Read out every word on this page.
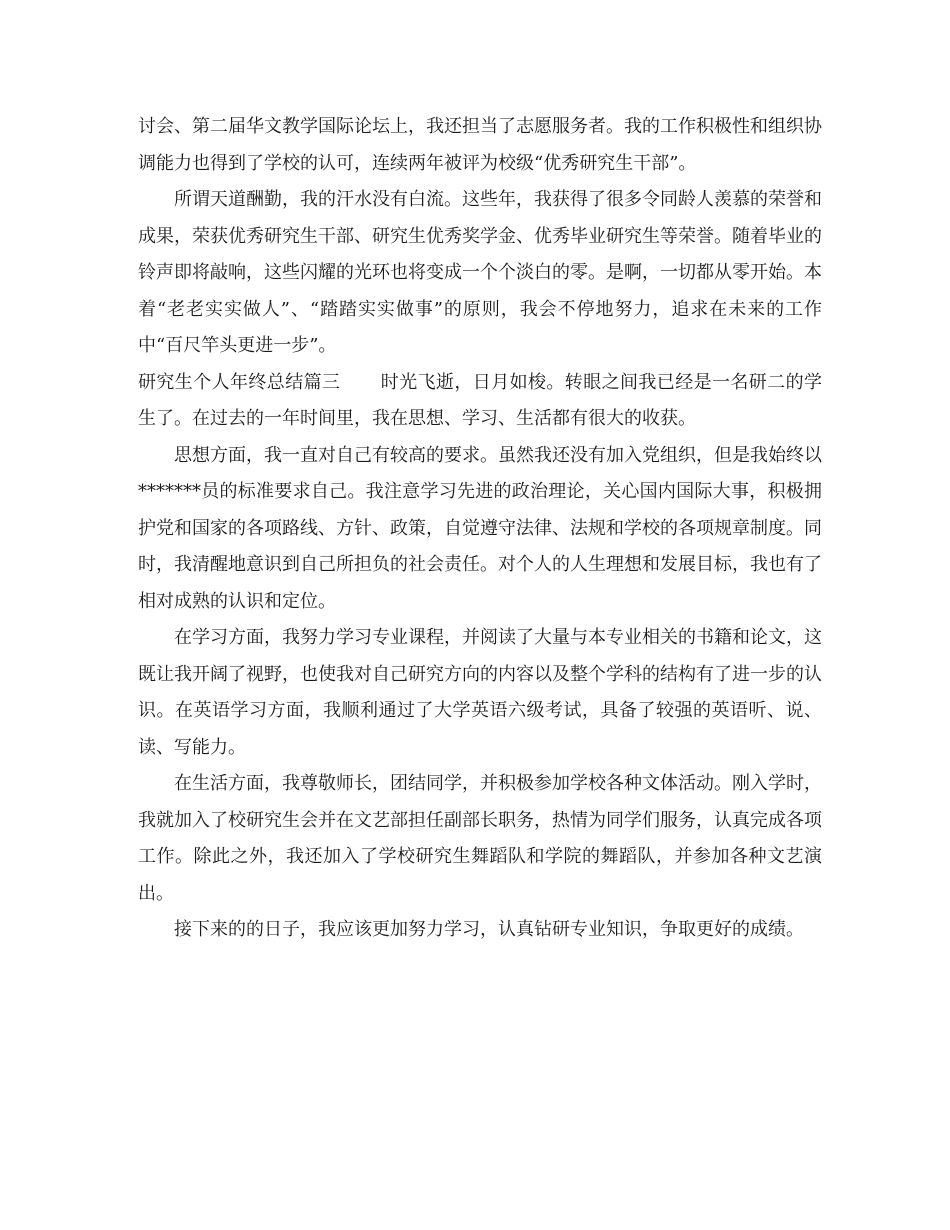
讨会、第二届华文教学国际论坛上，我还担当了志愿服务者。我的工作积极性和组织协调能力也得到了学校的认可，连续两年被评为校级“优秀研究生干部”。

所谓天道酬勤，我的汗水没有白流。这些年，我获得了很多令同龄人羡慕的荣誉和成果，荣获优秀研究生干部、研究生优秀奖学金、优秀毕业研究生等荣誉。随着毕业的铃声即将敲响，这些闪耀的光环也将变成一个个淡白的零。是啊，一切都从零开始。本着“老老实实做人”、“踏踏实实做事”的原则，我会不停地努力，追求在未来的工作中“百尺竿头更进一步”。

研究生个人年终总结篇三 时光飞逝，日月如梭。转眼之间我已经是一名研二的学生了。在过去的一年时间里，我在思想、学习、生活都有很大的收获。

思想方面，我一直对自己有较高的要求。虽然我还没有加入党组织，但是我始终以*******员的标准要求自己。我注意学习先进的政治理论，关心国内国际大事，积极拥护党和国家的各项路线、方针、政策，自觉遵守法律、法规和学校的各项规章制度。同时，我清醒地意识到自己所担负的社会责任。对个人的人生理想和发展目标，我也有了相对成熟的认识和定位。

在学习方面，我努力学习专业课程，并阅读了大量与本专业相关的书籍和论文，这既让我开阔了视野，也使我对自己研究方向的内容以及整个学科的结构有了进一步的认识。在英语学习方面，我顺利通过了大学英语六级考试，具备了较强的英语听、说、读、写能力。

在生活方面，我尊敬师长，团结同学，并积极参加学校各种文体活动。刚入学时，我就加入了校研究生会并在文艺部担任副部长职务，热情为同学们服务，认真完成各项工作。除此之外，我还加入了学校研究生舞蹈队和学院的舞蹈队，并参加各种文艺演出。

接下来的的日子，我应该更加努力学习，认真钻研专业知识，争取更好的成绩。
